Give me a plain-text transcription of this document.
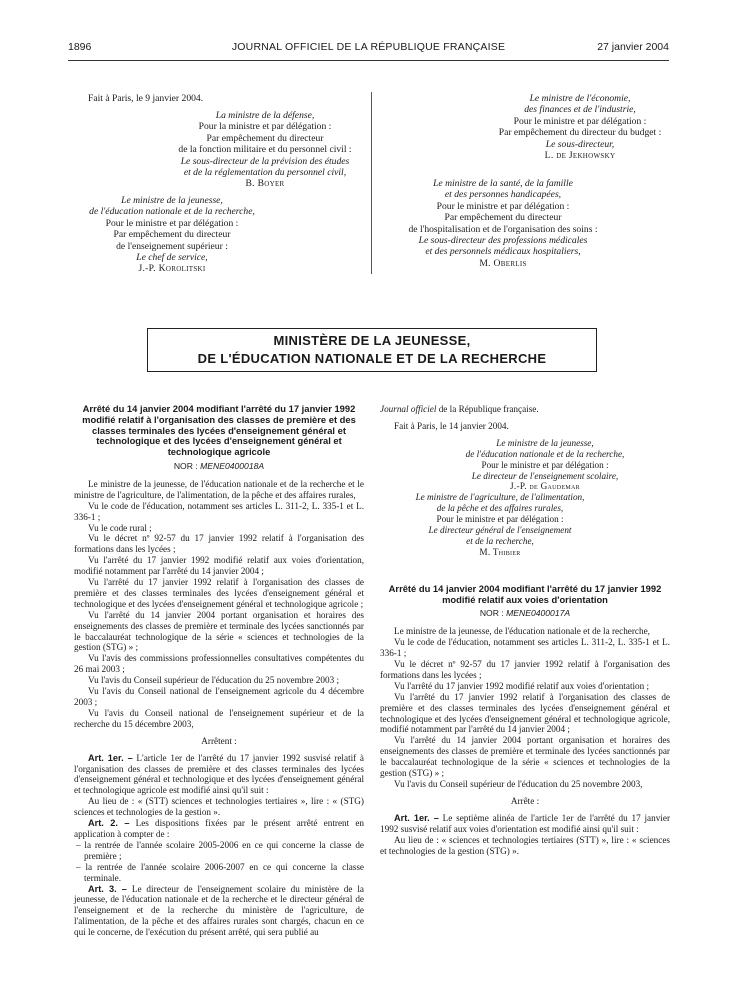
1896	JOURNAL OFFICIEL DE LA RÉPUBLIQUE FRANÇAISE	27 janvier 2004

Fait à Paris, le 9 janvier 2004.

La ministre de la défense,

Pour la ministre et par délégation :

Par empêchement du directeur

de la fonction militaire et du personnel civil :

Le sous-directeur de la prévision des études

et de la réglementation du personnel civil,

B. Boyer

Le ministre de la jeunesse,

de l'éducation nationale et de la recherche,

Pour le ministre et par délégation :

Par empêchement du directeur

de l'enseignement supérieur :

Le chef de service,

J.-P. Korolitski

Le ministre de l'économie,

des finances et de l'industrie,

Pour le ministre et par délégation :

Par empêchement du directeur du budget :

Le sous-directeur,

L. de Jekhowsky

Le ministre de la santé, de la famille

et des personnes handicapées,

Pour le ministre et par délégation :

Par empêchement du directeur

de l'hospitalisation et de l'organisation des soins :

Le sous-directeur des professions médicales

et des personnels médicaux hospitaliers,

M. Oberlis

MINISTÈRE DE LA JEUNESSE,
DE L'ÉDUCATION NATIONALE ET DE LA RECHERCHE
Arrêté du 14 janvier 2004 modifiant l'arrêté du 17 janvier 1992 modifié relatif à l'organisation des classes de première et des classes terminales des lycées d'enseignement général et technologique et des lycées d'enseignement général et technologique agricole
NOR : MENE0400018A

Le ministre de la jeunesse, de l'éducation nationale et de la recherche et le ministre de l'agriculture, de l'alimentation, de la pêche et des affaires rurales,

Vu le code de l'éducation, notamment ses articles L. 311-2, L. 335-1 et L. 336-1 ;

Vu le code rural ;

Vu le décret nº 92-57 du 17 janvier 1992 relatif à l'organisation des formations dans les lycées ;

Vu l'arrêté du 17 janvier 1992 modifié relatif aux voies d'orientation, modifié notamment par l'arrêté du 14 janvier 2004 ;

Vu l'arrêté du 17 janvier 1992 relatif à l'organisation des classes de première et des classes terminales des lycées d'enseignement général et technologique et des lycées d'enseignement général et technologique agricole ;

Vu l'arrêté du 14 janvier 2004 portant organisation et horaires des enseignements des classes de première et terminale des lycées sanctionnés par le baccalauréat technologique de la série « sciences et technologies de la gestion (STG) » ;

Vu l'avis des commissions professionnelles consultatives compétentes du 26 mai 2003 ;

Vu l'avis du Conseil supérieur de l'éducation du 25 novembre 2003 ;

Vu l'avis du Conseil national de l'enseignement agricole du 4 décembre 2003 ;

Vu l'avis du Conseil national de l'enseignement supérieur et de la recherche du 15 décembre 2003,

Arrêtent :

Art. 1er. – L'article 1er de l'arrêté du 17 janvier 1992 susvisé relatif à l'organisation des classes de première et des classes terminales des lycées d'enseignement général et technologique et des lycées d'enseignement général et technologique agricole est modifié ainsi qu'il suit :

Au lieu de : « (STT) sciences et technologies tertiaires », lire : « (STG) sciences et technologies de la gestion ».

Art. 2. – Les dispositions fixées par le présent arrêté entrent en application à compter de :

– la rentrée de l'année scolaire 2005-2006 en ce qui concerne la classe de première ;

– la rentrée de l'année scolaire 2006-2007 en ce qui concerne la classe terminale.

Art. 3. – Le directeur de l'enseignement scolaire du ministère de la jeunesse, de l'éducation nationale et de la recherche et le directeur général de l'enseignement et de la recherche du ministère de l'agriculture, de l'alimentation, de la pêche et des affaires rurales sont chargés, chacun en ce qui le concerne, de l'exécution du présent arrêté, qui sera publié au

Journal officiel de la République française.

Fait à Paris, le 14 janvier 2004.

Le ministre de la jeunesse,

de l'éducation nationale et de la recherche,

Pour le ministre et par délégation :

Le directeur de l'enseignement scolaire,

J.-P. de Gaudemar

Le ministre de l'agriculture, de l'alimentation,

de la pêche et des affaires rurales,

Pour le ministre et par délégation :

Le directeur général de l'enseignement

et de la recherche,

M. Thibier

Arrêté du 14 janvier 2004 modifiant l'arrêté du 17 janvier 1992 modifié relatif aux voies d'orientation
NOR : MENE0400017A

Le ministre de la jeunesse, de l'éducation nationale et de la recherche,

Vu le code de l'éducation, notamment ses articles L. 311-2, L. 335-1 et L. 336-1 ;

Vu le décret nº 92-57 du 17 janvier 1992 relatif à l'organisation des formations dans les lycées ;

Vu l'arrêté du 17 janvier 1992 modifié relatif aux voies d'orientation ;

Vu l'arrêté du 17 janvier 1992 relatif à l'organisation des classes de première et des classes terminales des lycées d'enseignement général et technologique et des lycées d'enseignement général et technologique agricole, modifié notamment par l'arrêté du 14 janvier 2004 ;

Vu l'arrêté du 14 janvier 2004 portant organisation et horaires des enseignements des classes de première et terminale des lycées sanctionnés par le baccalauréat technologique de la série « sciences et technologies de la gestion (STG) » ;

Vu l'avis du Conseil supérieur de l'éducation du 25 novembre 2003,

Arrête :

Art. 1er. – Le septième alinéa de l'article 1er de l'arrêté du 17 janvier 1992 susvisé relatif aux voies d'orientation est modifié ainsi qu'il suit :

Au lieu de : « sciences et technologies tertiaires (STT) », lire : « sciences et technologies de la gestion (STG) ».
